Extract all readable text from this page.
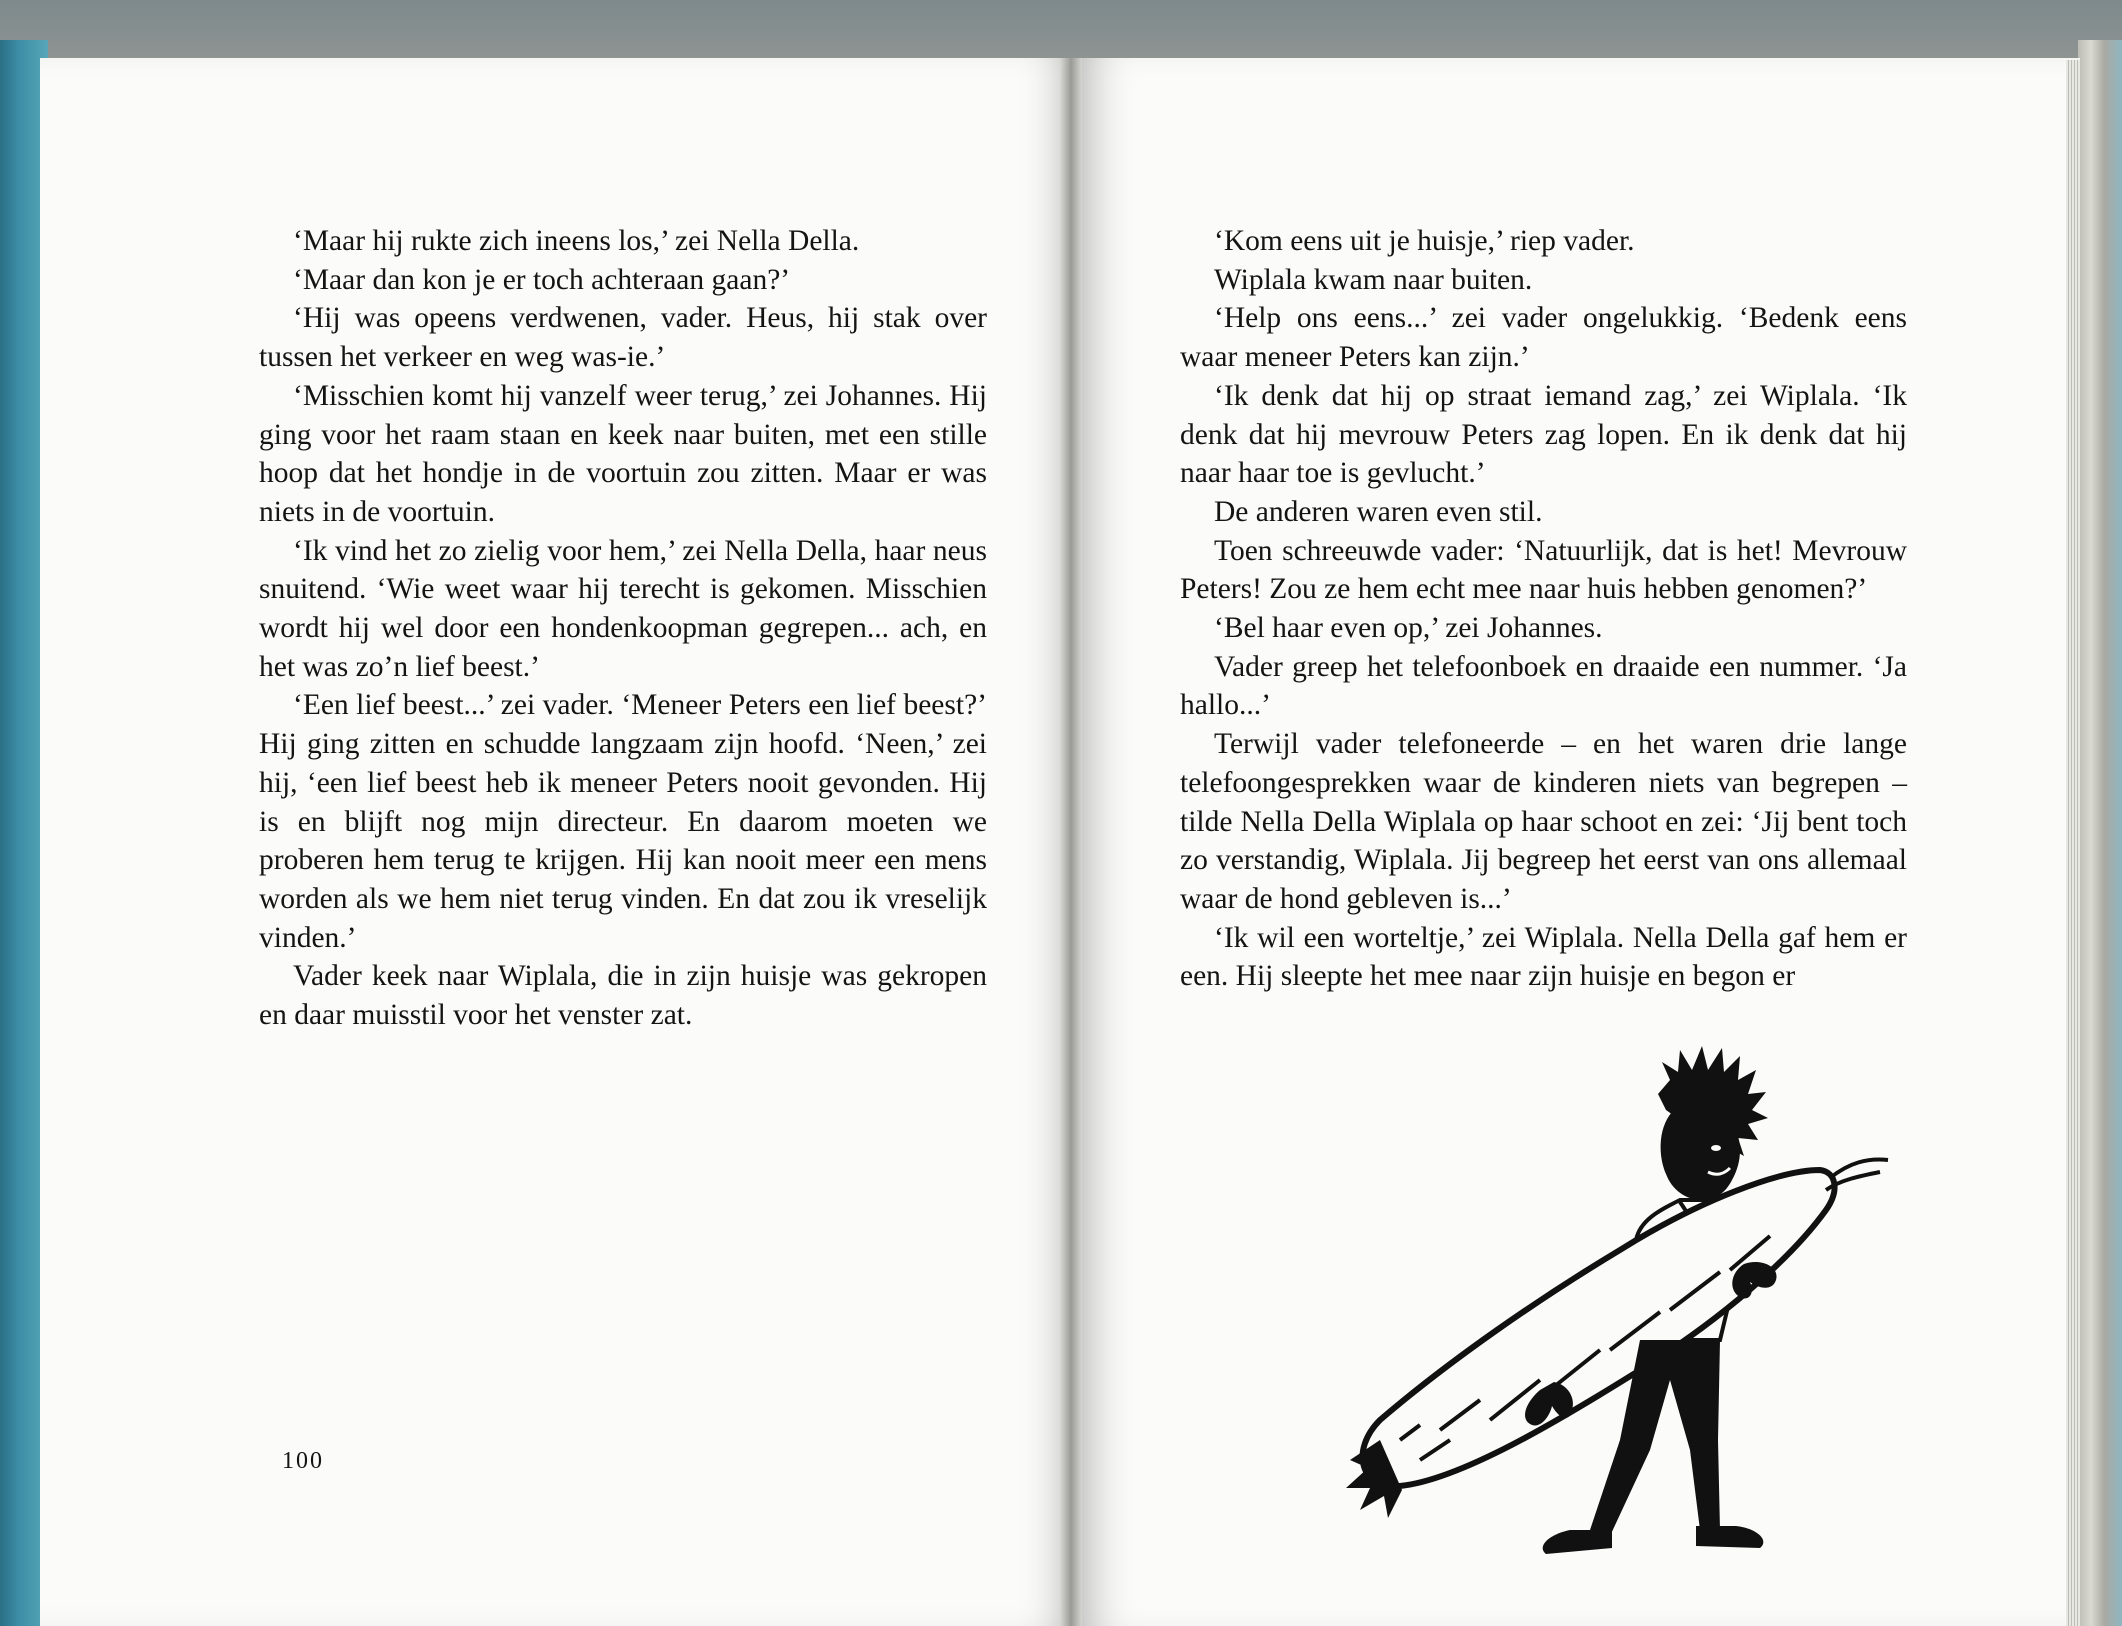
‘Maar hij rukte zich ineens los,’ zei Nella Della.
‘Maar dan kon je er toch achteraan gaan?’
‘Hij was opeens verdwenen, vader. Heus, hij stak over tussen het verkeer en weg was-ie.’
‘Misschien komt hij vanzelf weer terug,’ zei Johannes. Hij ging voor het raam staan en keek naar buiten, met een stille hoop dat het hondje in de voortuin zou zitten. Maar er was niets in de voortuin.
‘Ik vind het zo zielig voor hem,’ zei Nella Della, haar neus snuitend. ‘Wie weet waar hij terecht is gekomen. Misschien wordt hij wel door een hondenkoopman gegrepen... ach, en het was zo’n lief beest.’
‘Een lief beest...’ zei vader. ‘Meneer Peters een lief beest?’ Hij ging zitten en schudde langzaam zijn hoofd. ‘Neen,’ zei hij, ‘een lief beest heb ik meneer Peters nooit gevonden. Hij is en blijft nog mijn directeur. En daarom moeten we proberen hem terug te krijgen. Hij kan nooit meer een mens worden als we hem niet terug vinden. En dat zou ik vreselijk vinden.’
Vader keek naar Wiplala, die in zijn huisje was gekropen en daar muisstil voor het venster zat.
100
‘Kom eens uit je huisje,’ riep vader.
Wiplala kwam naar buiten.
‘Help ons eens...’ zei vader ongelukkig. ‘Bedenk eens waar meneer Peters kan zijn.’
‘Ik denk dat hij op straat iemand zag,’ zei Wiplala. ‘Ik denk dat hij mevrouw Peters zag lopen. En ik denk dat hij naar haar toe is gevlucht.’
De anderen waren even stil.
Toen schreeuwde vader: ‘Natuurlijk, dat is het! Mevrouw Peters! Zou ze hem echt mee naar huis hebben genomen?’
‘Bel haar even op,’ zei Johannes.
Vader greep het telefoonboek en draaide een nummer. ‘Ja hallo...’
Terwijl vader telefoneerde – en het waren drie lange telefoongesprekken waar de kinderen niets van begrepen – tilde Nella Della Wiplala op haar schoot en zei: ‘Jij bent toch zo verstandig, Wiplala. Jij begreep het eerst van ons allemaal waar de hond gebleven is...’
‘Ik wil een worteltje,’ zei Wiplala. Nella Della gaf hem er een. Hij sleepte het mee naar zijn huisje en begon er
